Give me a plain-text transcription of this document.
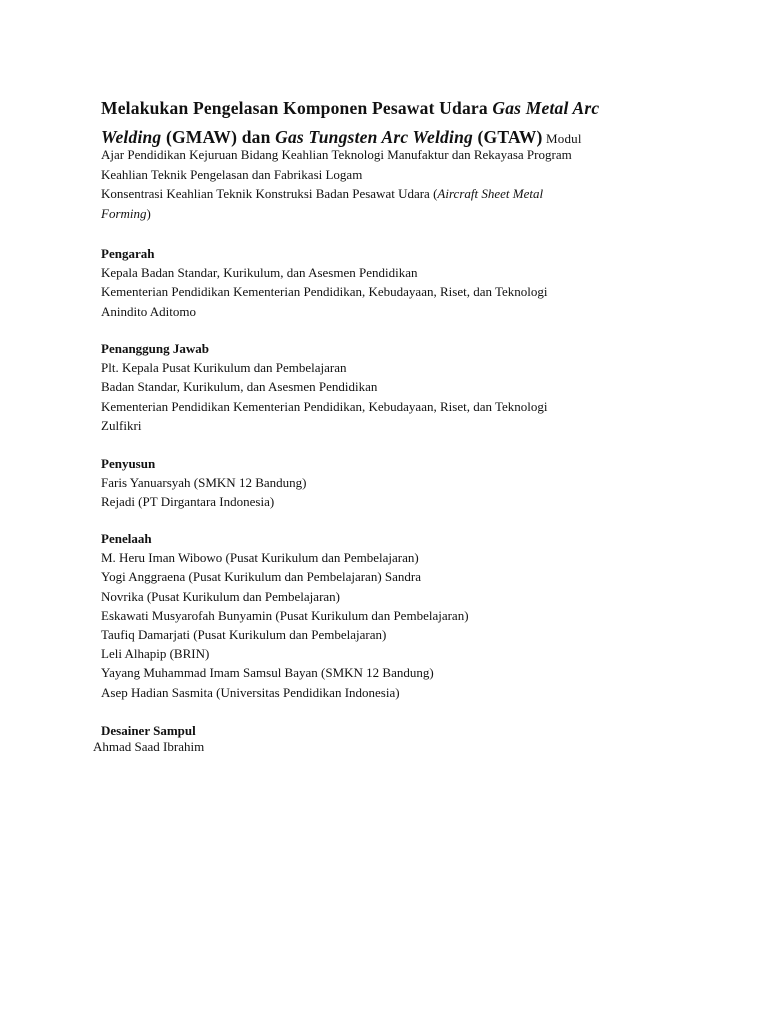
Melakukan Pengelasan Komponen Pesawat Udara Gas Metal Arc Welding (GMAW) dan Gas Tungsten Arc Welding (GTAW) Modul
Ajar Pendidikan Kejuruan Bidang Keahlian Teknologi Manufaktur dan Rekayasa Program
Keahlian Teknik Pengelasan dan Fabrikasi Logam
Konsentrasi Keahlian Teknik Konstruksi Badan Pesawat Udara (Aircraft Sheet Metal
Forming)
Pengarah
Kepala Badan Standar, Kurikulum, dan Asesmen Pendidikan
Kementerian Pendidikan Kementerian Pendidikan, Kebudayaan, Riset, dan Teknologi
Anindito Aditomo
Penanggung Jawab
Plt. Kepala Pusat Kurikulum dan Pembelajaran
Badan Standar, Kurikulum, dan Asesmen Pendidikan
Kementerian Pendidikan Kementerian Pendidikan, Kebudayaan, Riset, dan Teknologi
Zulfikri
Penyusun
Faris Yanuarsyah (SMKN 12 Bandung)
Rejadi (PT Dirgantara Indonesia)
Penelaah
M. Heru Iman Wibowo (Pusat Kurikulum dan Pembelajaran)
Yogi Anggraena (Pusat Kurikulum dan Pembelajaran) Sandra
Novrika (Pusat Kurikulum dan Pembelajaran)
Eskawati Musyarofah Bunyamin (Pusat Kurikulum dan Pembelajaran)
Taufiq Damarjati (Pusat Kurikulum dan Pembelajaran)
Leli Alhapip (BRIN)
Yayang Muhammad Imam Samsul Bayan (SMKN 12 Bandung)
Asep Hadian Sasmita (Universitas Pendidikan Indonesia)
Desainer Sampul
Ahmad Saad Ibrahim
